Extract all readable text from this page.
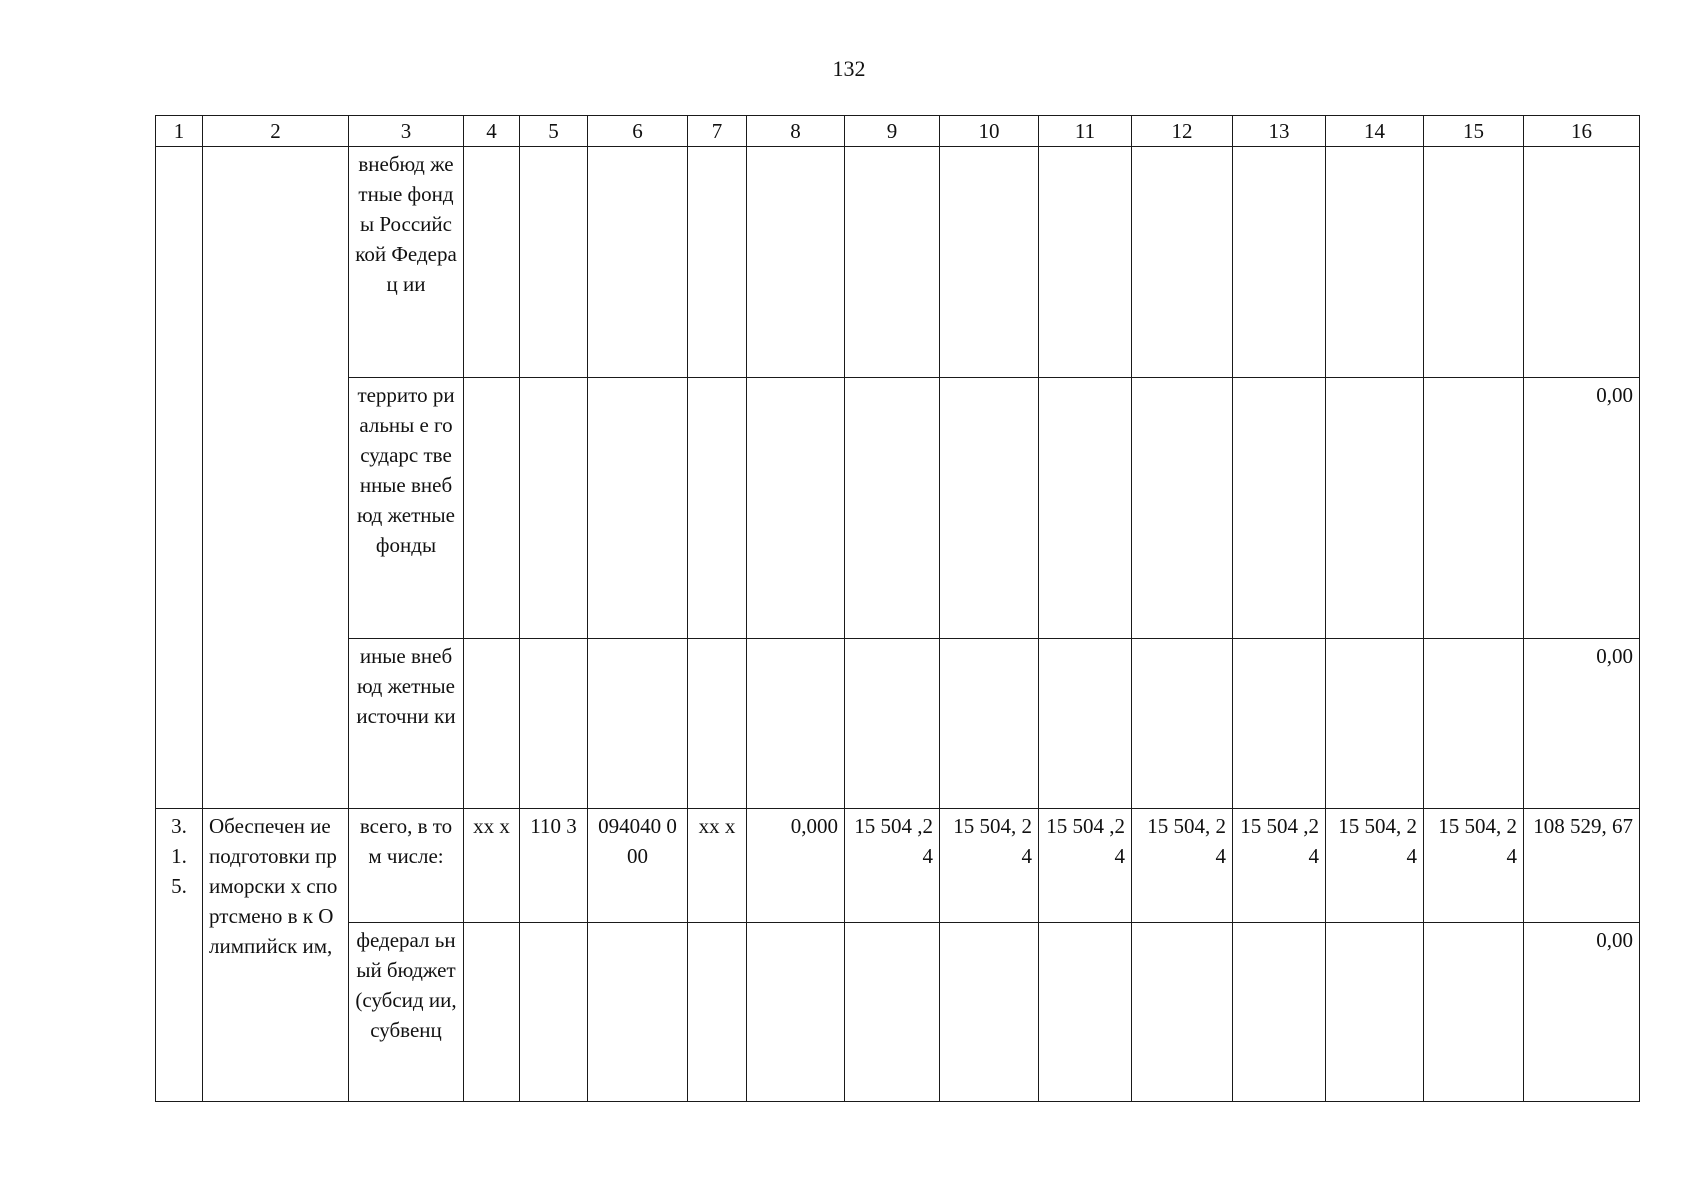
132
1	2	3	4	5	6	7	8	9	10	11	12	13	14	15	16
		внебюд жетные фонды Российс кой Федерац ии													
		террито риальны е государс твенные внебюд жетные фонды													0,00
		иные внебюд жетные источни ки													0,00
3. 1. 5.	Обеспечен ие подготовки приморски х спортсмено в к Олимпийск им,	всего, в том числе:	xx x	110 3	094040 000	xx x	0,000	15 504 ,24	15 504, 24	15 504 ,24	15 504, 24	15 504 ,24	15 504, 24	15 504, 24	108 529, 67
		федерал ьный бюджет (субсид ии, субвенц													0,00
